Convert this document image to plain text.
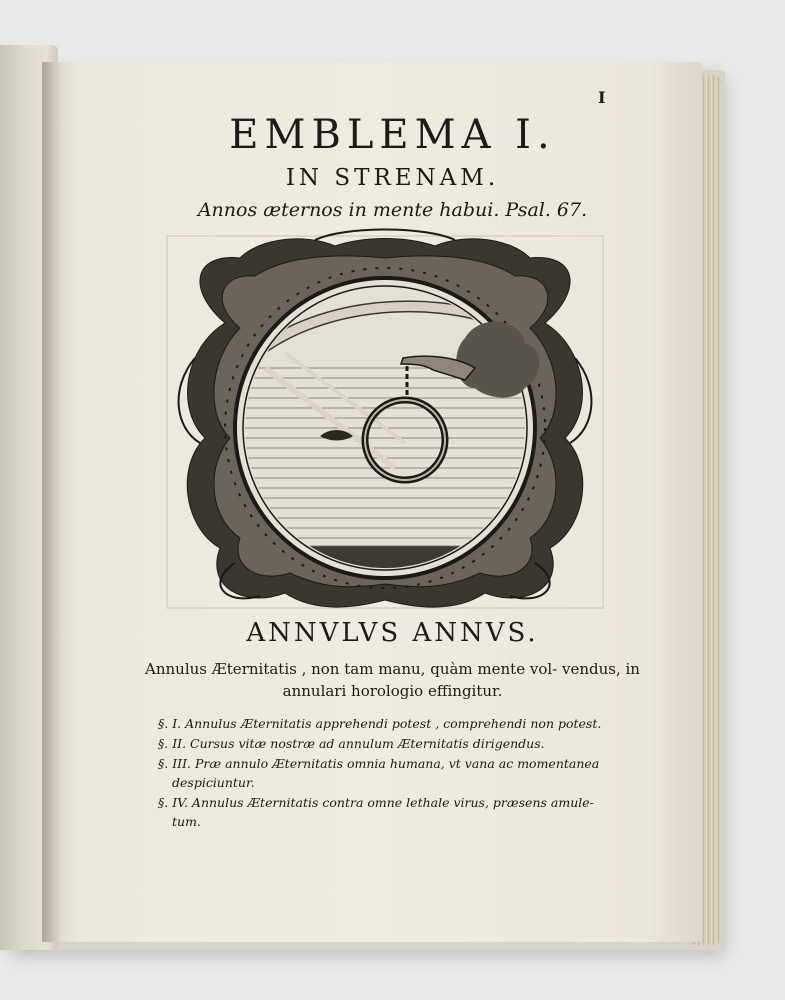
I
EMBLEMA I.
IN STRENAM.
Annos æternos in mente habui. Psal. 67.
ANNVLVS ANNVS.
Annulus Æternitatis , non tam manu, quàm mente vol- vendus, in annulari horologio effingitur.
§. I. Annulus Æternitatis apprehendi potest , comprehendi non potest.
§. II. Cursus vitæ nostræ ad annulum Æternitatis dirigendus.
§. III. Præ annulo Æternitatis omnia humana, vt vana ac momentanea despiciuntur.
§. IV. Annulus Æternitatis contra omne lethale virus, præsens amule- tum.
